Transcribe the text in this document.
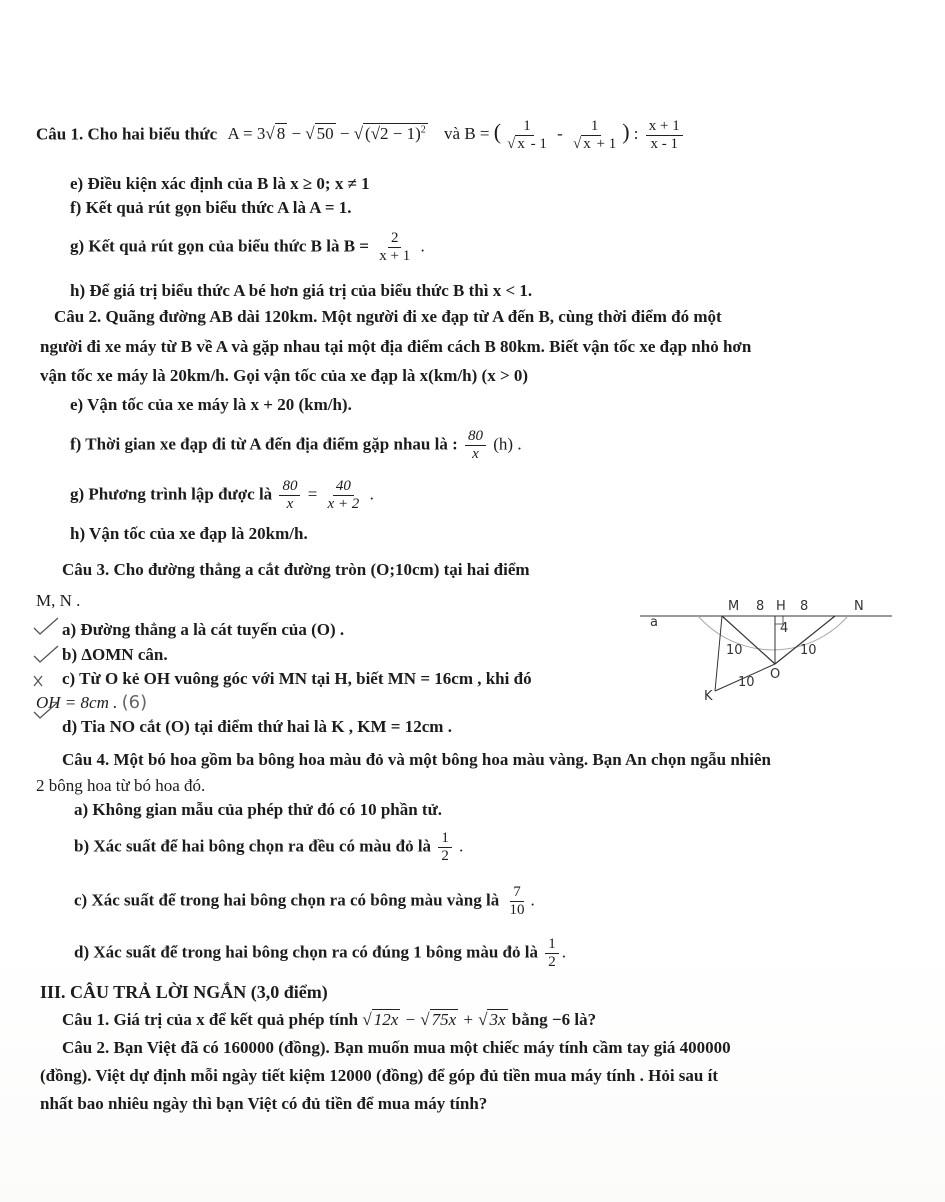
Câu 1. Cho hai biểu thức A = 3√ 8 − √ 50 − √ $(√2 - 1)^2$ và B = ( $\frac{1}{√ x - 1} - \frac{1}{√ x + 1}$ ) : $\frac{x + 1}{x - 1}$
e) Điều kiện xác định của B là x ≥ 0; x ≠ 1
f) Kết quả rút gọn biểu thức A là A = 1.
g) Kết quả rút gọn của biểu thức B là $B = \frac{2}{x + 1}$ .
h) Để giá trị biểu thức A bé hơn giá trị của biểu thức B thì x < 1.
Câu 2. Quãng đường AB dài 120km. Một người đi xe đạp từ A đến B, cùng thời điểm đó một
người đi xe máy từ B về A và gặp nhau tại một địa điểm cách B 80km. Biết vận tốc xe đạp nhỏ hơn
vận tốc xe máy là 20km/h. Gọi vận tốc của xe đạp là x(km/h) (x > 0)
e) Vận tốc của xe máy là x + 20 (km/h).
f) Thời gian xe đạp đi từ A đến địa điểm gặp nhau là : $\frac{80}{x} (h)$ .
g) Phương trình lập được là $\frac{80}{x} = \frac{40}{x + 2}$ .
h) Vận tốc của xe đạp là 20km/h.
Câu 3. Cho đường thẳng a cắt đường tròn (O;10cm) tại hai điểm
M, N .
a) Đường thẳng a là cát tuyến của (O) .
b) ΔOMN cân.
c) Từ O kẻ OH vuông góc với MN tại H, biết MN = 16cm , khi đó
OH = 8cm . (6)
d) Tia NO cắt (O) tại điểm thứ hai là K , KM = 12cm .
M 8 H 8	N
a	4
10	10
O
10
K
Câu 4. Một bó hoa gồm ba bông hoa màu đỏ và một bông hoa màu vàng. Bạn An chọn ngẫu nhiên
2 bông hoa từ bó hoa đó.
a) Không gian mẫu của phép thử đó có 10 phần tử.
b) Xác suất để hai bông chọn ra đều có màu đỏ là $\frac{1}{2}$ .
c) Xác suất để trong hai bông chọn ra có bông màu vàng là $\frac{7}{10}$ .
d) Xác suất để trong hai bông chọn ra có đúng 1 bông màu đỏ là $\frac{1}{2}$ .
III. CÂU TRẢ LỜI NGẮN (3,0 điểm)
Câu 1. Giá trị của x để kết quả phép tính √ 12x − √ 75x + √ 3x bằng −6 là?
Câu 2. Bạn Việt đã có 160000 (đồng). Bạn muốn mua một chiếc máy tính cầm tay giá 400000
(đồng). Việt dự định mỗi ngày tiết kiệm 12000 (đồng) để góp đủ tiền mua máy tính . Hỏi sau ít
nhất bao nhiêu ngày thì bạn Việt có đủ tiền để mua máy tính?
